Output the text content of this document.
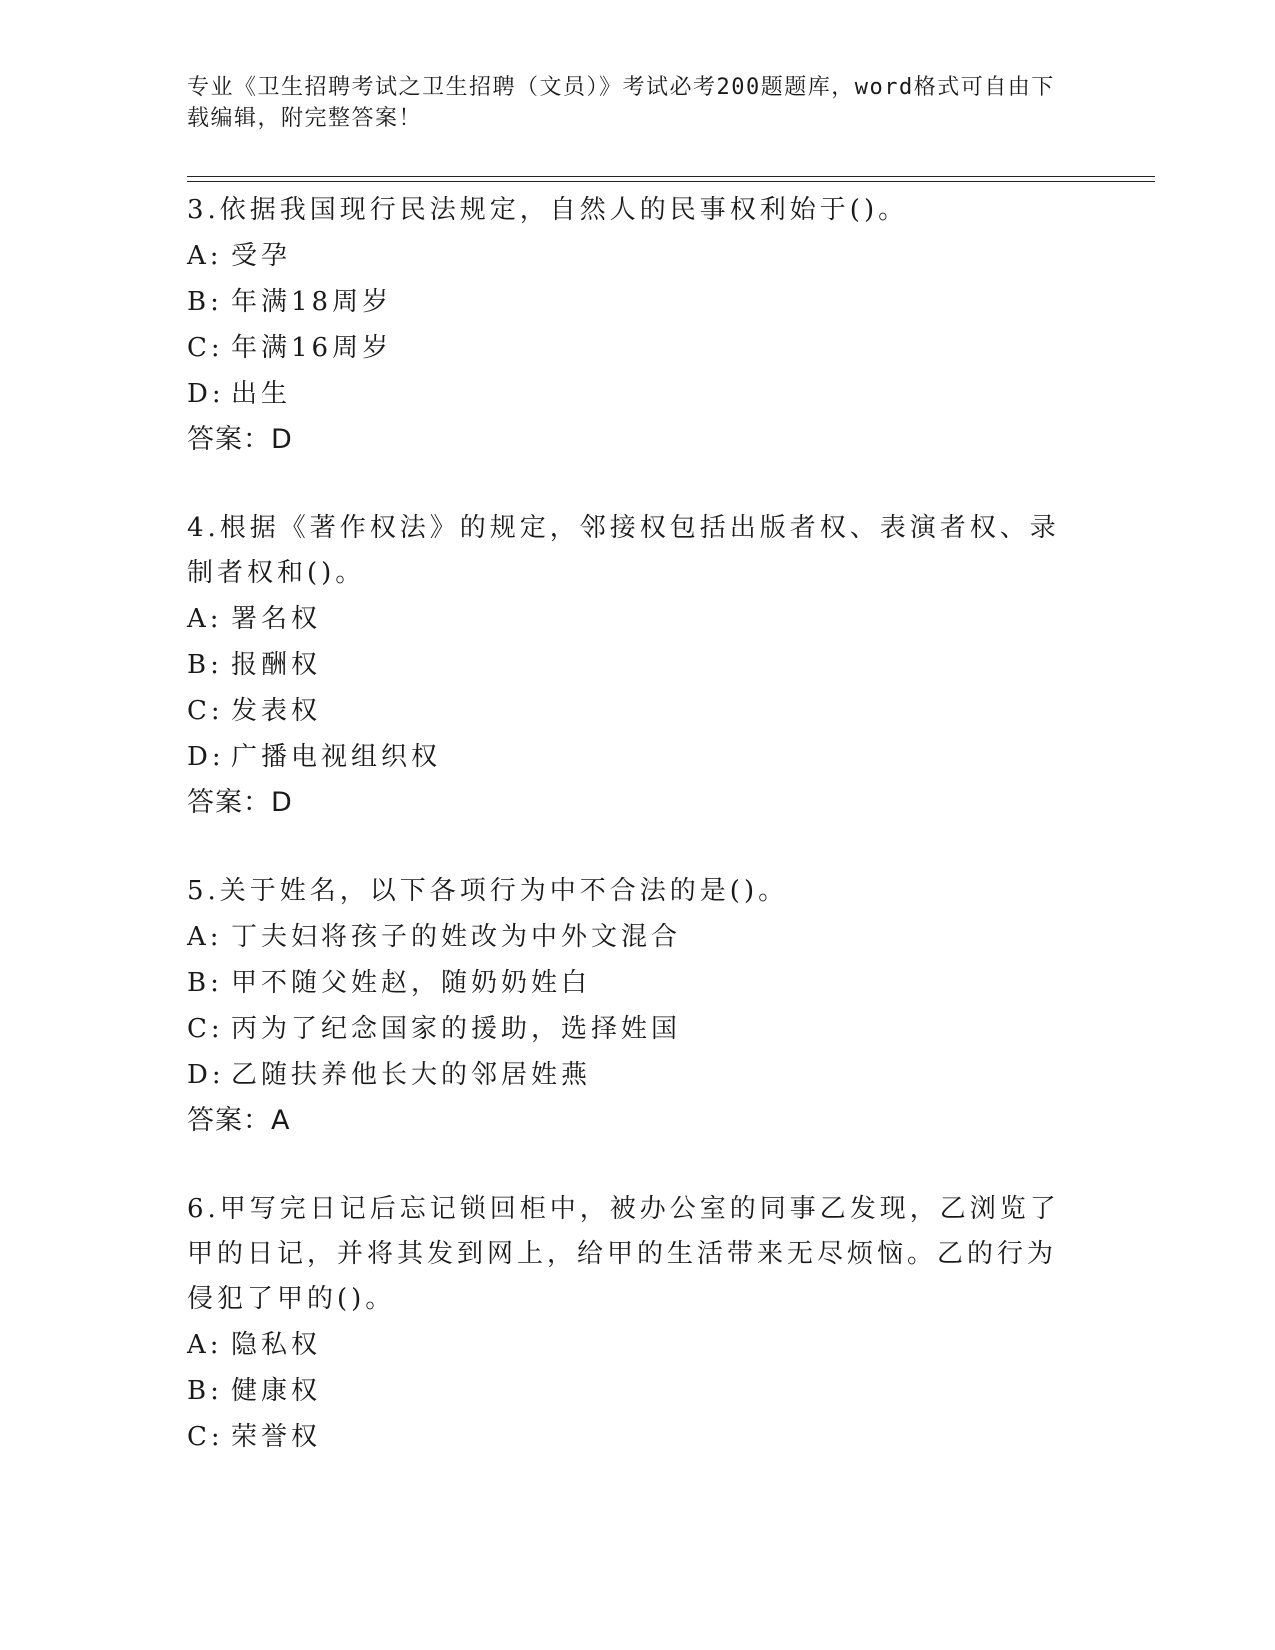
专业《卫生招聘考试之卫生招聘（文员）》考试必考200题题库，word格式可自由下载编辑，附完整答案！

3.依据我国现行民法规定，自然人的民事权利始于()。

A: 受孕

B: 年满18周岁

C: 年满16周岁

D: 出生

答案：D

4.根据《著作权法》的规定，邻接权包括出版者权、表演者权、录制者权和()。

A: 署名权

B: 报酬权

C: 发表权

D: 广播电视组织权

答案：D

5.关于姓名，以下各项行为中不合法的是()。

A: 丁夫妇将孩子的姓改为中外文混合

B: 甲不随父姓赵，随奶奶姓白

C: 丙为了纪念国家的援助，选择姓国

D: 乙随扶养他长大的邻居姓燕

答案：A

6.甲写完日记后忘记锁回柜中，被办公室的同事乙发现，乙浏览了甲的日记，并将其发到网上，给甲的生活带来无尽烦恼。乙的行为侵犯了甲的()。

A: 隐私权

B: 健康权

C: 荣誉权
